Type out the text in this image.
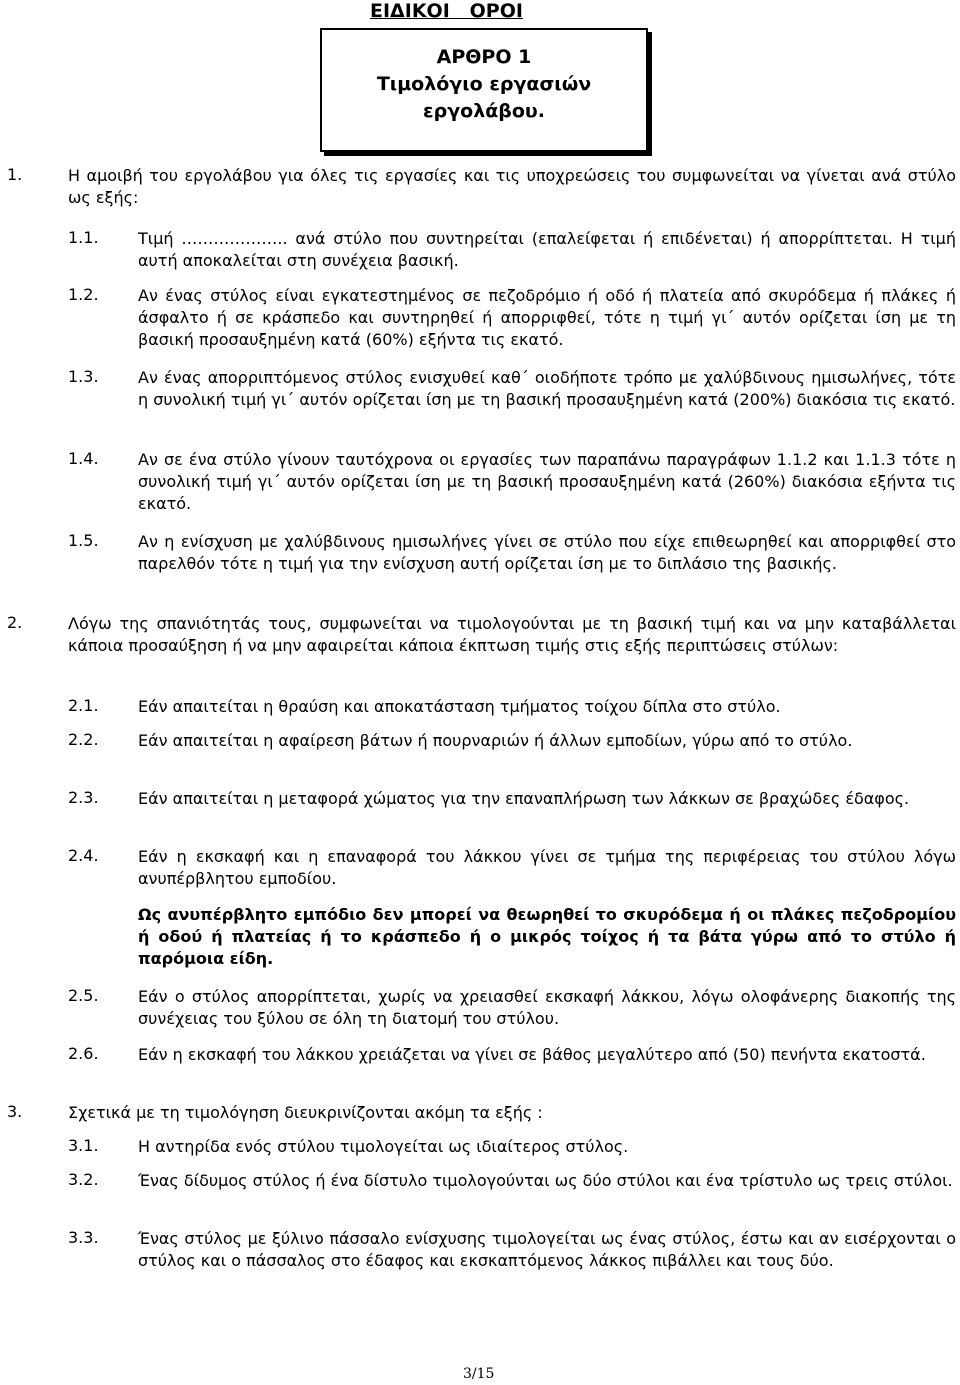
ΕΙΔΙΚΟΙ   ΟΡΟΙ
ΑΡΘΡΟ 1
Τιμολόγιο εργασιών
εργολάβου.
1.	Η αμοιβή του εργολάβου για όλες τις εργασίες και τις υποχρεώσεις του συμφωνείται να γίνεται ανά στύλο ως εξής:
1.1. Τιμή ……………….. ανά στύλο που συντηρείται (επαλείφεται ή επιδένεται) ή απορρίπτεται. Η τιμή αυτή αποκαλείται στη συνέχεια βασική.
1.2. Αν ένας στύλος είναι εγκατεστημένος σε πεζοδρόμιο ή οδό ή πλατεία από σκυρόδεμα ή πλάκες ή άσφαλτο ή σε κράσπεδο και συντηρηθεί ή απορριφθεί, τότε η τιμή γι΄ αυτόν ορίζεται ίση με τη βασική προσαυξημένη κατά (60%) εξήντα τις εκατό.
1.3. Αν ένας απορριπτόμενος στύλος ενισχυθεί καθ΄ οιοδήποτε τρόπο με χαλύβδινους ημισωλήνες, τότε η συνολική τιμή γι΄ αυτόν ορίζεται ίση με τη βασική προσαυξημένη κατά (200%) διακόσια τις εκατό.
1.4. Αν σε ένα στύλο γίνουν ταυτόχρονα οι εργασίες των παραπάνω παραγράφων 1.1.2 και 1.1.3 τότε η συνολική τιμή γι΄ αυτόν ορίζεται ίση με τη βασική προσαυξημένη κατά (260%) διακόσια εξήντα τις εκατό.
1.5. Αν η ενίσχυση με χαλύβδινους ημισωλήνες γίνει σε στύλο που είχε επιθεωρηθεί και απορριφθεί στο παρελθόν τότε η τιμή για την ενίσχυση αυτή ορίζεται ίση με το διπλάσιο της βασικής.
2.	Λόγω της σπανιότητάς τους, συμφωνείται να τιμολογούνται με τη βασική τιμή και να μην καταβάλλεται κάποια προσαύξηση ή να μην αφαιρείται κάποια έκπτωση τιμής στις εξής περιπτώσεις στύλων:
2.1. Εάν απαιτείται η θραύση και αποκατάσταση τμήματος τοίχου δίπλα στο στύλο.
2.2. Εάν απαιτείται η αφαίρεση βάτων ή πουρναριών ή άλλων εμποδίων, γύρω από το στύλο.
2.3. Εάν απαιτείται η μεταφορά χώματος για την επαναπλήρωση των λάκκων σε βραχώδες έδαφος.
2.4. Εάν η εκσκαφή και η επαναφορά του λάκκου γίνει σε τμήμα της περιφέρειας του στύλου λόγω ανυπέρβλητου εμποδίου.
Ως ανυπέρβλητο εμπόδιο δεν μπορεί να θεωρηθεί το σκυρόδεμα ή οι πλάκες πεζοδρομίου ή οδού ή πλατείας ή το κράσπεδο ή ο μικρός τοίχος ή τα βάτα γύρω από το στύλο ή παρόμοια είδη.
2.5. Εάν ο στύλος απορρίπτεται, χωρίς να χρειασθεί εκσκαφή λάκκου, λόγω ολοφάνερης διακοπής της συνέχειας του ξύλου σε όλη τη διατομή του στύλου.
2.6. Εάν η εκσκαφή του λάκκου χρειάζεται να γίνει σε βάθος μεγαλύτερο από (50) πενήντα εκατοστά.
3.	Σχετικά με τη τιμολόγηση διευκρινίζονται ακόμη τα εξής :
3.1. Η αντηρίδα ενός στύλου τιμολογείται ως ιδιαίτερος στύλος.
3.2. Ένας δίδυμος στύλος ή ένα δίστυλο τιμολογούνται ως δύο στύλοι και ένα τρίστυλο ως τρεις στύλοι.
3.3. Ένας στύλος με ξύλινο πάσσαλο ενίσχυσης τιμολογείται ως ένας στύλος, έστω και αν εισέρχονται ο στύλος και ο πάσσαλος στο έδαφος και εκσκαπτόμενος λάκκος πιβάλλει και τους δύο.
3/15
